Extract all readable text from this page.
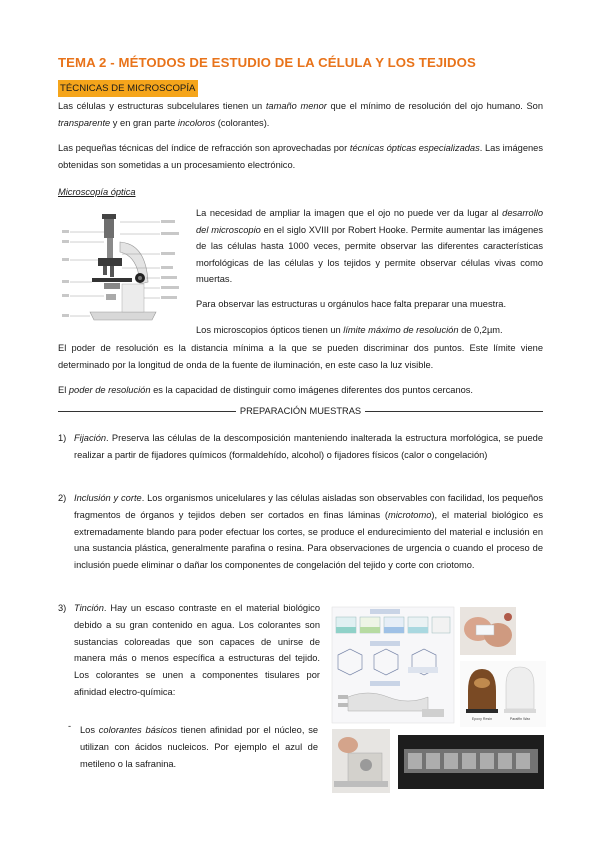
TEMA 2 - MÉTODOS DE ESTUDIO DE LA CÉLULA Y LOS TEJIDOS
TÉCNICAS DE MICROSCOPÍA

Las células y estructuras subcelulares tienen un tamaño menor que el mínimo de resolución del ojo humano. Son transparente y en gran parte incoloros (colorantes).

Las pequeñas técnicas del índice de refracción son aprovechadas por técnicas ópticas especializadas. Las imágenes obtenidas son sometidas a un procesamiento electrónico.

Microscopía óptica

La necesidad de ampliar la imagen que el ojo no puede ver da lugar al desarrollo del microscopio en el siglo XVIII por Robert Hooke. Permite aumentar las imágenes de las células hasta 1000 veces, permite observar las diferentes características morfológicas de las células y los tejidos y permite observar células vivas como muertas.

Para observar las estructuras u orgánulos hace falta preparar una muestra.

Los microscopios ópticos tienen un límite máximo de resolución de 0,2µm.

El poder de resolución es la distancia mínima a la que se pueden discriminar dos puntos. Este límite viene determinado por la longitud de onda de la fuente de iluminación, en este caso la luz visible.

El poder de resolución es la capacidad de distinguir como imágenes diferentes dos puntos cercanos.

PREPARACIÓN MUESTRAS
1) Fijación. Preserva las células de la descomposición manteniendo inalterada la estructura morfológica, se puede realizar a partir de fijadores químicos (formaldehído, alcohol) o fijadores físicos (calor o congelación)
2) Inclusión y corte. Los organismos unicelulares y las células aisladas son observables con facilidad, los pequeños fragmentos de órganos y tejidos deben ser cortados en finas láminas (microtomo), el material biológico es extremadamente blando para poder efectuar los cortes, se produce el endurecimiento del material e inclusión en una sustancia plástica, generalmente parafina o resina. Para observaciones de urgencia o cuando el proceso de inclusión puede eliminar o dañar los componentes de congelación del tejido y corte con criotomo.
3) Tinción. Hay un escaso contraste en el material biológico debido a su gran contenido en agua. Los colorantes son sustancias coloreadas que son capaces de unirse de manera más o menos específica a estructuras del tejido. Los colorantes se unen a componentes tisulares por afinidad electro-química:
- Los colorantes básicos tienen afinidad por el núcleo, se utilizan con ácidos nucleicos. Por ejemplo el azul de metileno o la safranina.
Epoxy Resin	Paraffin Wax
